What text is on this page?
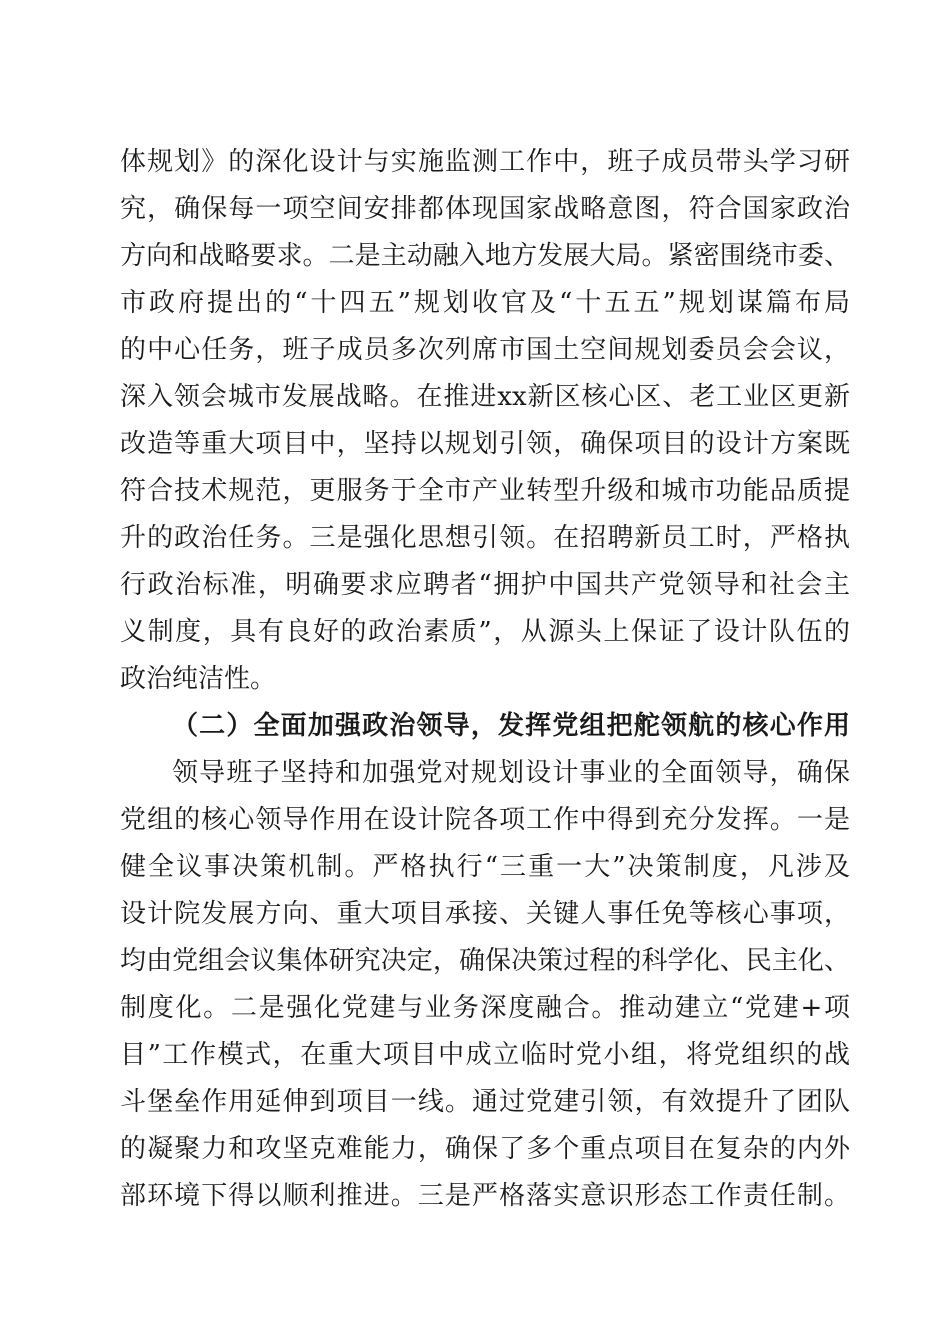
体规划》的深化设计与实施监测工作中，班子成员带头学习研
究，确保每一项空间安排都体现国家战略意图，符合国家政治
方向和战略要求。二是主动融入地方发展大局。紧密围绕市委、
市政府提出的“十四五”规划收官及“十五五”规划谋篇布局
的中心任务，班子成员多次列席市国土空间规划委员会会议，
深入领会城市发展战略。在推进xx新区核心区、老工业区更新
改造等重大项目中，坚持以规划引领，确保项目的设计方案既
符合技术规范，更服务于全市产业转型升级和城市功能品质提
升的政治任务。三是强化思想引领。在招聘新员工时，严格执
行政治标准，明确要求应聘者“拥护中国共产党领导和社会主
义制度，具有良好的政治素质”，从源头上保证了设计队伍的
政治纯洁性。
（二）全面加强政治领导，发挥党组把舵领航的核心作用
领导班子坚持和加强党对规划设计事业的全面领导，确保
党组的核心领导作用在设计院各项工作中得到充分发挥。一是
健全议事决策机制。严格执行“三重一大”决策制度，凡涉及
设计院发展方向、重大项目承接、关键人事任免等核心事项，
均由党组会议集体研究决定，确保决策过程的科学化、民主化、
制度化。二是强化党建与业务深度融合。推动建立“党建+项
目”工作模式，在重大项目中成立临时党小组，将党组织的战
斗堡垒作用延伸到项目一线。通过党建引领，有效提升了团队
的凝聚力和攻坚克难能力，确保了多个重点项目在复杂的内外
部环境下得以顺利推进。三是严格落实意识形态工作责任制。
